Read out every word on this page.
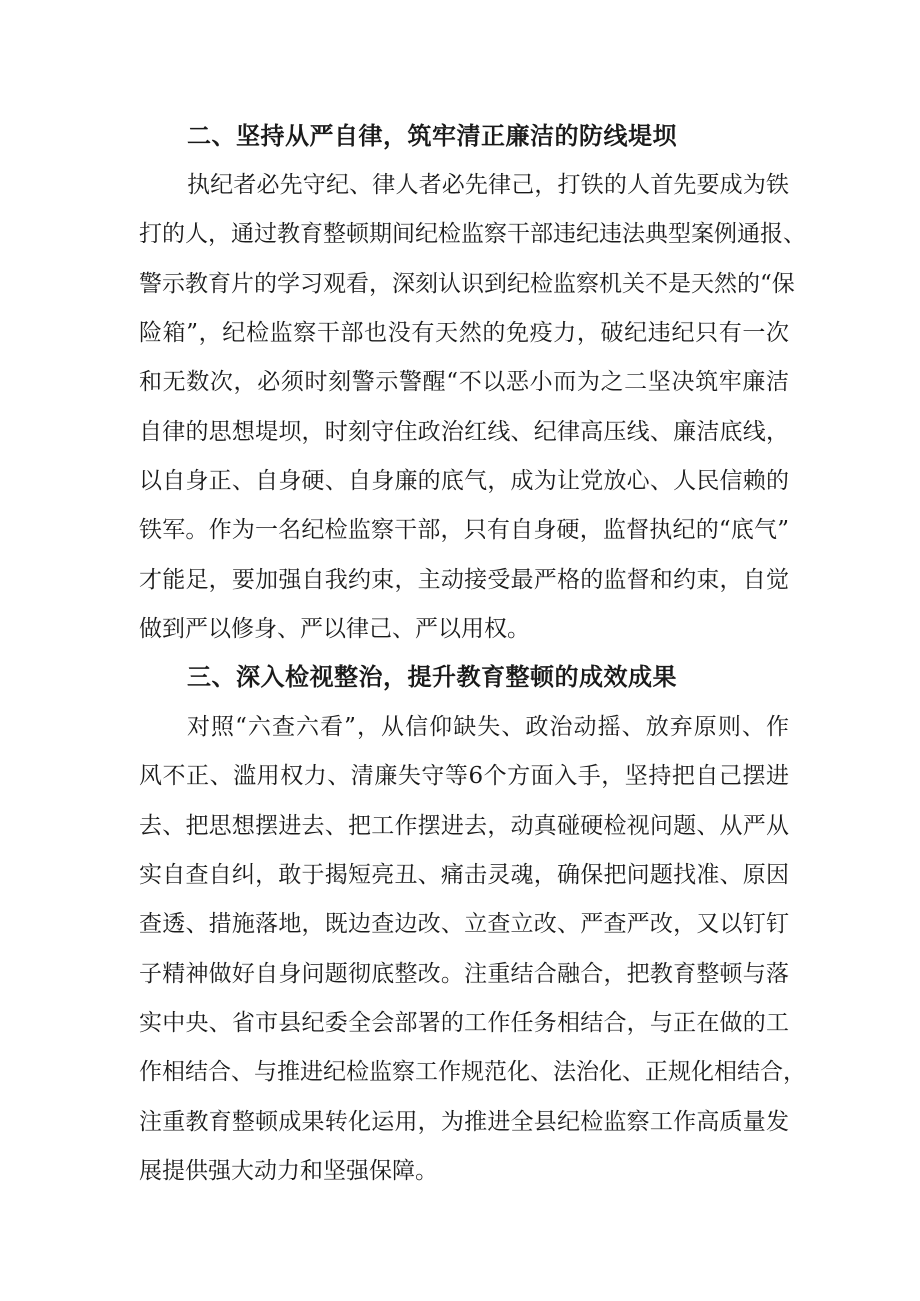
二、坚持从严自律，筑牢清正廉洁的防线堤坝
执纪者必先守纪、律人者必先律己，打铁的人首先要成为铁
打的人，通过教育整顿期间纪检监察干部违纪违法典型案例通报、
警示教育片的学习观看，深刻认识到纪检监察机关不是天然的“保
险箱”，纪检监察干部也没有天然的免疫力，破纪违纪只有一次
和无数次，必须时刻警示警醒“不以恶小而为之二坚决筑牢廉洁
自律的思想堤坝，时刻守住政治红线、纪律高压线、廉洁底线，
以自身正、自身硬、自身廉的底气，成为让党放心、人民信赖的
铁军。作为一名纪检监察干部，只有自身硬，监督执纪的“底气”
才能足，要加强自我约束，主动接受最严格的监督和约束，自觉
做到严以修身、严以律己、严以用权。
三、深入检视整治，提升教育整顿的成效成果
对照“六查六看”，从信仰缺失、政治动摇、放弃原则、作
风不正、滥用权力、清廉失守等6个方面入手，坚持把自己摆进
去、把思想摆进去、把工作摆进去，动真碰硬检视问题、从严从
实自查自纠，敢于揭短亮丑、痛击灵魂，确保把问题找准、原因
查透、措施落地，既边查边改、立查立改、严查严改，又以钉钉
子精神做好自身问题彻底整改。注重结合融合，把教育整顿与落
实中央、省市县纪委全会部署的工作任务相结合，与正在做的工
作相结合、与推进纪检监察工作规范化、法治化、正规化相结合，
注重教育整顿成果转化运用，为推进全县纪检监察工作高质量发
展提供强大动力和坚强保障。
